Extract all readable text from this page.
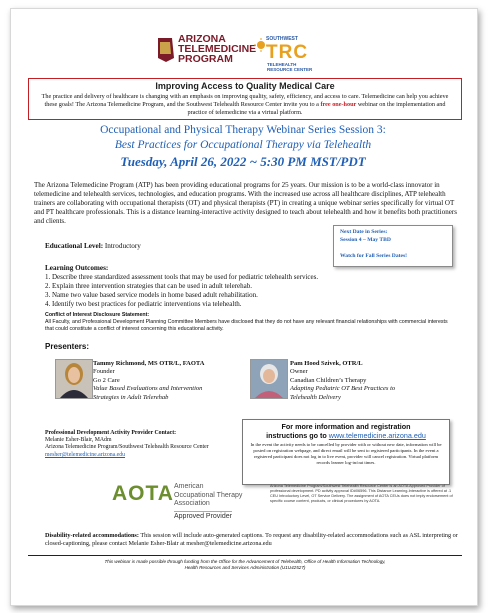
ARIZONA
TELEMEDICINE
PROGRAM
SOUTHWEST
TRC
TELEHEALTH
RESOURCE CENTER
Improving Access to Quality Medical Care
The practice and delivery of healthcare is changing with an emphasis on improving quality, safety, efficiency, and access to care. Telemedicine can help you achieve these goals! The Arizona Telemedicine Program, and the Southwest Telehealth Resource Center invite you to a free one-hour webinar on the implementation and practice of telemedicine via a virtual platform.
Occupational and Physical Therapy Webinar Series Session 3:
Best Practices for Occupational Therapy via Telehealth
Tuesday, April 26, 2022 ~ 5:30 PM MST/PDT
The Arizona Telemedicine Program (ATP) has been providing educational programs for 25 years. Our mission is to be a world-class innovator in telemedicine and telehealth services, technologies, and education programs. With the increased use across all healthcare disciplines, ATP telehealth trainers are collaborating with occupational therapists (OT) and physical therapists (PT) in creating a unique webinar series specifically for virtual OT and PT healthcare professionals. This is a distance learning-interactive activity designed to teach about telehealth and how it benefits both practitioners and clients.
Educational Level: Introductory
Next Date in Series:
Session 4 – May TBD
Watch for Fall Series Dates!
Learning Outcomes:
1. Describe three standardized assessment tools that may be used for pediatric telehealth services.
2. Explain three intervention strategies that can be used in adult telerehab.
3. Name two value based service models in home based adult rehabilitation.
4. Identify two best practices for pediatric interventions via telehealth.
Conflict of Interest Disclosure Statement:
All Faculty, and Professional Development Planning Committee Members have disclosed that they do not have any relevant financial relationships with commercial interests that could constitute a conflict of interest concerning this educational activity.
Presenters:
Tammy Richmond, MS OTR/L, FAOTA
Founder
Go 2 Care
Value Based Evaluations and Intervention
Strategies in Adult Telerehab
Pam Hood Szivek, OTR/L
Owner
Canadian Children’s Therapy
Adapting Pediatric OT Best Practices to
Telehealth Delivery
Professional Development Activity Provider Contact:
Melanie Esher-Blair, MAdm
Arizona Telemedicine Program/Southwest Telehealth Resource Center
mesher@telemedicine.arizona.edu
For more information and registration
instructions go to www.telemedicine.arizona.edu
In the event the activity needs to be cancelled by provider with or without new date, information will be posted on registration webpage, and direct email will be sent to registered participants. In the event a registered participant does not log in to live event, provider will cancel registration. Virtual platform records learner log-in/out times.
AOTA American
Occupational Therapy
Association
Approved Provider
Arizona Telemedicine Program/Southwest Telehealth Resource Center is an AOTA Approved Provider of professional development. PD activity approval ID#06596. This Distance Learning-Interactive is offered at .1 CEU Introductory Level, OT Service Delivery. The assignment of AOTA CEUs does not imply endorsement of specific course content, products, or clinical procedures by AOTA.
Disability-related accommodations: This session will include auto-generated captions. To request any disability-related accommodations such as ASL interpreting or closed-captioning, please contact Melanie Esher-Blair at mesher@telemedicine.arizona.edu
This webinar is made possible through funding from the Office for the Advancement of Telehealth, Office of Health Information Technology,
Health Resources and Services Administration (U1U42527)
